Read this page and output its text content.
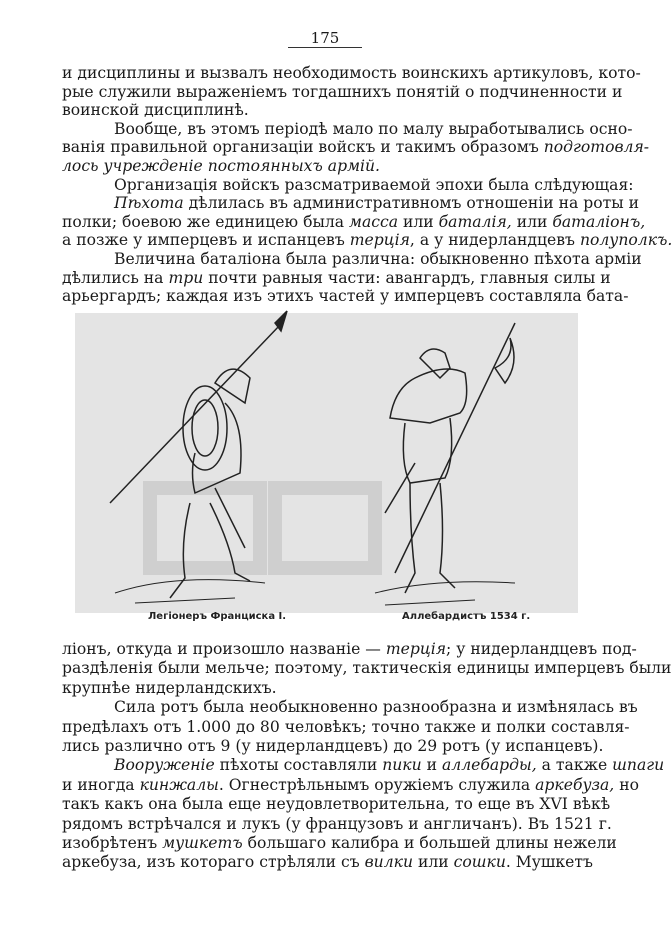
175
и дисциплины и вызвалъ необходимость воинскихъ артикуловъ, кото-
рые служили выраженіемъ тогдашнихъ понятій о подчиненности и
воинской дисциплинѣ.
Вообще, въ этомъ періодѣ мало по малу выработывались осно-
ванія правильной организаціи войскъ и такимъ образомъ подготовля-
лось учрежденіе постоянныхъ армій.
Организація войскъ разсматриваемой эпохи была слѣдующая:
Пѣхота дѣлилась въ административномъ отношеніи на роты и
полки; боевою же единицею была масса или баталія, или баталіонъ,
а позже у имперцевъ и испанцевъ терція, а у нидерландцевъ полуполкъ.
Величина баталіона была различна: обыкновенно пѣхота арміи
дѣлились на три почти равныя части: авангардъ, главныя силы и
арьергардъ; каждая изъ этихъ частей у имперцевъ составляла бата-
Легіонеръ Франциска I.	Аллебардистъ 1534 г.
ліонъ, откуда и произошло названіе — терція; у нидерландцевъ под-
раздѣленія были мельче; поэтому, тактическія единицы имперцевъ были
крупнѣе нидерландскихъ.
Сила ротъ была необыкновенно разнообразна и измѣнялась въ
предѣлахъ отъ 1.000 до 80 человѣкъ; точно также и полки составля-
лись различно отъ 9 (у нидерландцевъ) до 29 ротъ (у испанцевъ).
Вооруженіе пѣхоты составляли пики и аллебарды, а также шпаги
и иногда кинжалы. Огнестрѣльнымъ оружіемъ служила аркебуза, но
такъ какъ она была еще неудовлетворительна, то еще въ XVI вѣкѣ
рядомъ встрѣчался и лукъ (у французовъ и англичанъ). Въ 1521 г.
изобрѣтенъ мушкетъ большаго калибра и большей длины нежели
аркебуза, изъ котораго стрѣляли съ вилки или сошки. Мушкетъ
